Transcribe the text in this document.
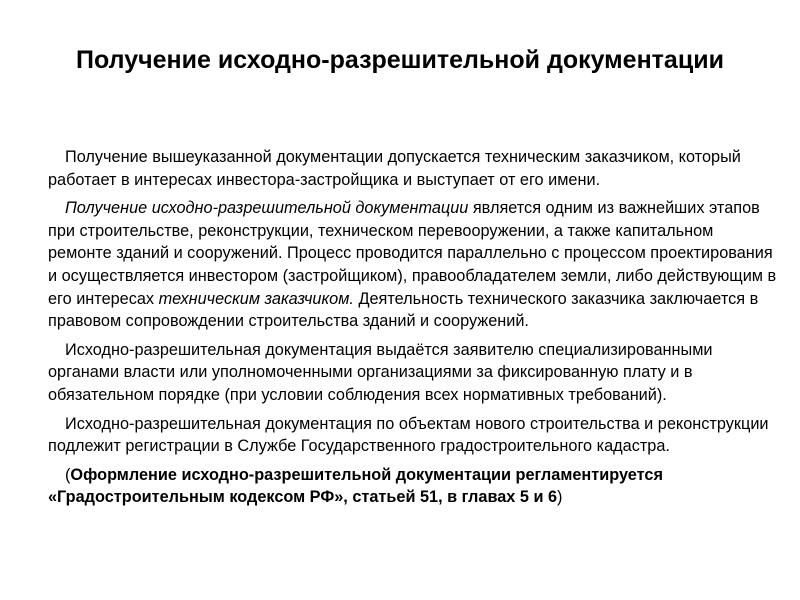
Получение исходно-разрешительной документации

Получение вышеуказанной документации допускается техническим заказчиком, который работает в интересах инвестора-застройщика и выступает от его имени.

Получение исходно-разрешительной документации является одним из важнейших этапов при строительстве, реконструкции, техническом перевооружении, а также капитальном ремонте зданий и сооружений. Процесс проводится параллельно с процессом проектирования и осуществляется инвестором (застройщиком), правообладателем земли, либо действующим в его интересах техническим заказчиком. Деятельность технического заказчика заключается в правовом сопровождении строительства зданий и сооружений.

Исходно-разрешительная документация выдаётся заявителю специализированными органами власти или уполномоченными организациями за фиксированную плату и в обязательном порядке (при условии соблюдения всех нормативных требований).

Исходно-разрешительная документация по объектам нового строительства и реконструкции подлежит регистрации в Службе Государственного градостроительного кадастра.

(Оформление исходно-разрешительной документации регламентируется «Градостроительным кодексом РФ», статьей 51, в главах 5 и 6)
